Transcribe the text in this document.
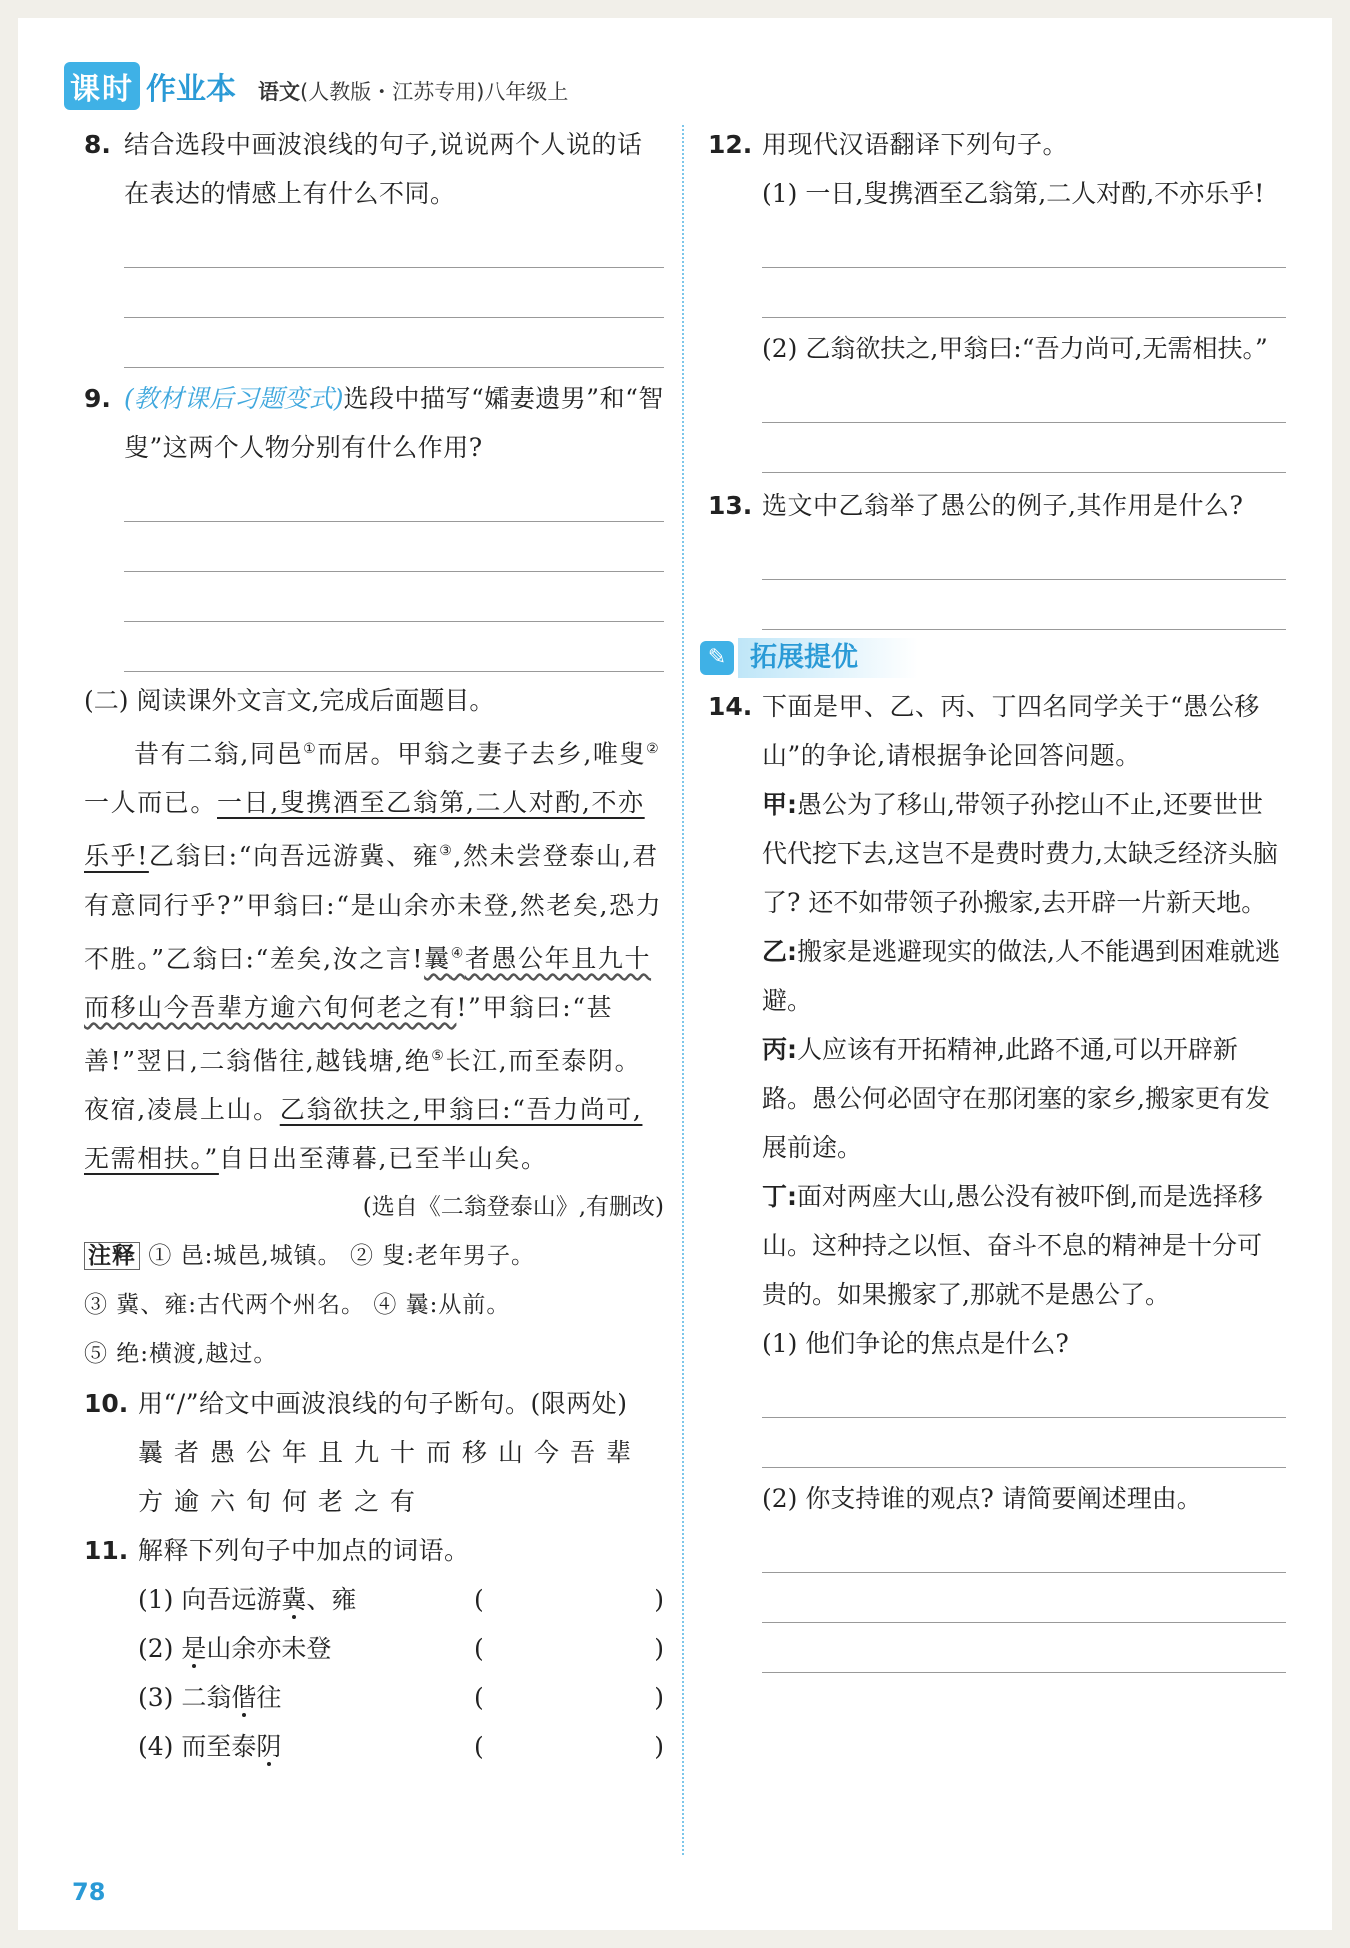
课时 作业本 语文(人教版・江苏专用)八年级上
8. 结合选段中画波浪线的句子,说说两个人说的话在表达的情感上有什么不同。
9. (教材课后习题变式)选段中描写“孀妻遗男”和“智叟”这两个人物分别有什么作用?
(二) 阅读课外文言文,完成后面题目。
昔有二翁,同邑①而居。甲翁之妻子去乡,唯叟②一人而已。一日,叟携酒至乙翁第,二人对酌,不亦乐乎!乙翁曰:“向吾远游冀、雍③,然未尝登泰山,君有意同行乎?”甲翁曰:“是山余亦未登,然老矣,恐力不胜。”乙翁曰:“差矣,汝之言!曩④者愚公年且九十而移山今吾辈方逾六旬何老之有!”甲翁曰:“甚善!”翌日,二翁偕往,越钱塘,绝⑤长江,而至泰阴。夜宿,凌晨上山。乙翁欲扶之,甲翁曰:“吾力尚可,无需相扶。”自日出至薄暮,已至半山矣。
(选自《二翁登泰山》,有删改)
注释 ① 邑:城邑,城镇。 ② 叟:老年男子。
③ 冀、雍:古代两个州名。 ④ 曩:从前。
⑤ 绝:横渡,越过。
10. 用“/”给文中画波浪线的句子断句。(限两处)
曩者愚公年且九十而移山今吾辈
方逾六旬何老之有
11. 解释下列句子中加点的词语。
(1) 向吾远游冀、雍	(	)
(2) 是山余亦未登	(	)
(3) 二翁偕往	(	)
(4) 而至泰阴	(	)
12. 用现代汉语翻译下列句子。
(1) 一日,叟携酒至乙翁第,二人对酌,不亦乐乎!
(2) 乙翁欲扶之,甲翁曰:“吾力尚可,无需相扶。”
13. 选文中乙翁举了愚公的例子,其作用是什么?
✎ 拓展提优
14. 下面是甲、乙、丙、丁四名同学关于“愚公移山”的争论,请根据争论回答问题。
甲:愚公为了移山,带领子孙挖山不止,还要世世代代挖下去,这岂不是费时费力,太缺乏经济头脑了? 还不如带领子孙搬家,去开辟一片新天地。
乙:搬家是逃避现实的做法,人不能遇到困难就逃避。
丙:人应该有开拓精神,此路不通,可以开辟新路。愚公何必固守在那闭塞的家乡,搬家更有发展前途。
丁:面对两座大山,愚公没有被吓倒,而是选择移山。这种持之以恒、奋斗不息的精神是十分可贵的。如果搬家了,那就不是愚公了。
(1) 他们争论的焦点是什么?
(2) 你支持谁的观点? 请简要阐述理由。
78
